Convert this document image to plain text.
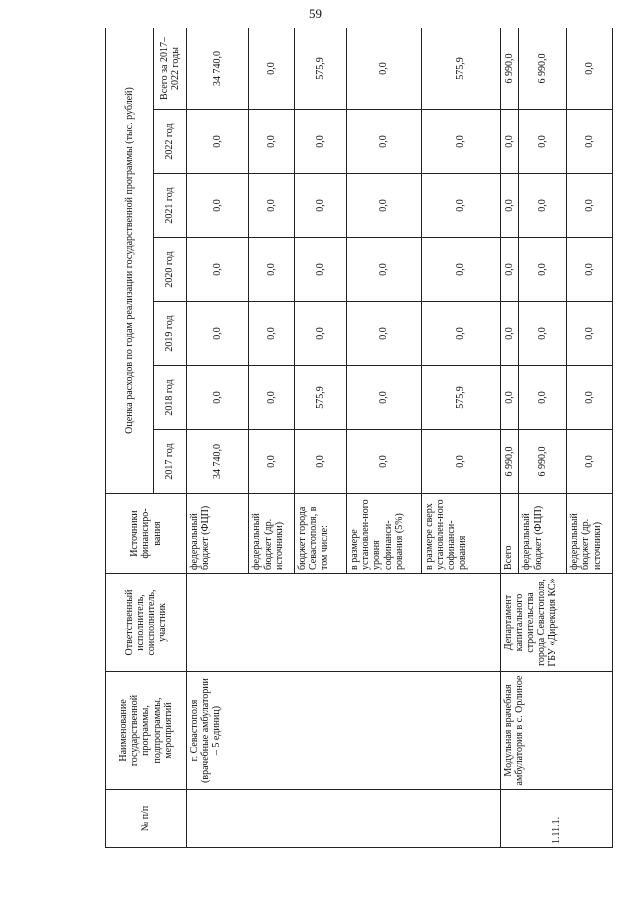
59
№ п/п	Наименование государственной программы, подпрограммы, мероприятий	Ответственный исполнитель, соисполнитель, участник	Источники финансиро-вания	Оценка расходов по годам реализации государственной программы (тыс. рублей)						
				2017 год	2018 год	2019 год	2020 год	2021 год	2022 год	Всего за 2017–2022 годы
	г. Севастополя (врачебные амбулатории – 5 единиц)		федеральный бюджет (ФЦП)	34 740,0	0,0	0,0	0,0	0,0	0,0	34 740,0
			федеральный бюджет (др. источники)	0,0	0,0	0,0	0,0	0,0	0,0	0,0
			бюджет города Севастополя, в том числе:	0,0	575,9	0,0	0,0	0,0	0,0	575,9
			в размере установлен-ного уровня софинанси-рования (5%)	0,0	0,0	0,0	0,0	0,0	0,0	0,0
			в размере сверх установлен-ного софинанси-рования	0,0	575,9	0,0	0,0	0,0	0,0	575,9
1.11.1.	Модульная врачебная амбулатория в с. Орлиное	Департамент капитального строительства города Севастополя, ГБУ «Дирекция КС»	Всего	6 990,0	0,0	0,0	0,0	0,0	0,0	6 990,0
			федеральный бюджет (ФЦП)	6 990,0	0,0	0,0	0,0	0,0	0,0	6 990,0
			федеральный бюджет (др. источники)	0,0	0,0	0,0	0,0	0,0	0,0	0,0
